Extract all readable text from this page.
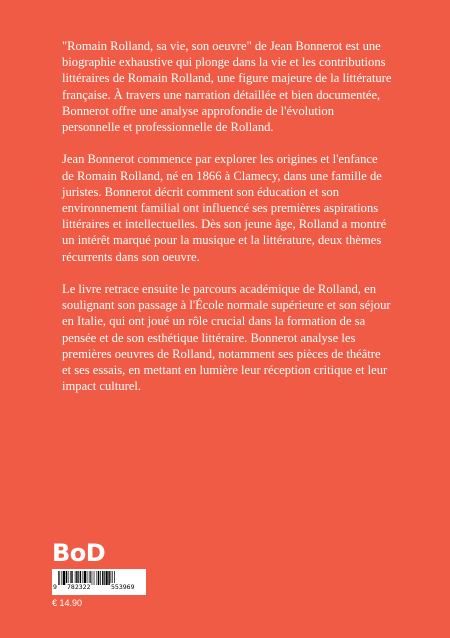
"Romain Rolland, sa vie, son oeuvre" de Jean Bonnerot est une biographie exhaustive qui plonge dans la vie et les contributions littéraires de Romain Rolland, une figure majeure de la littérature française. À travers une narration détaillée et bien documentée, Bonnerot offre une analyse approfondie de l'évolution personnelle et professionnelle de Rolland.

Jean Bonnerot commence par explorer les origines et l'enfance de Romain Rolland, né en 1866 à Clamecy, dans une famille de juristes. Bonnerot décrit comment son éducation et son environnement familial ont influencé ses premières aspirations littéraires et intellectuelles. Dès son jeune âge, Rolland a montré un intérêt marqué pour la musique et la littérature, deux thèmes récurrents dans son oeuvre.

Le livre retrace ensuite le parcours académique de Rolland, en soulignant son passage à l'École normale supérieure et son séjour en Italie, qui ont joué un rôle crucial dans la formation de sa pensée et de son esthétique littéraire. Bonnerot analyse les premières oeuvres de Rolland, notamment ses pièces de théâtre et ses essais, en mettant en lumière leur réception critique et leur impact culturel.

BoD
9 782322	553969
€ 14.90
